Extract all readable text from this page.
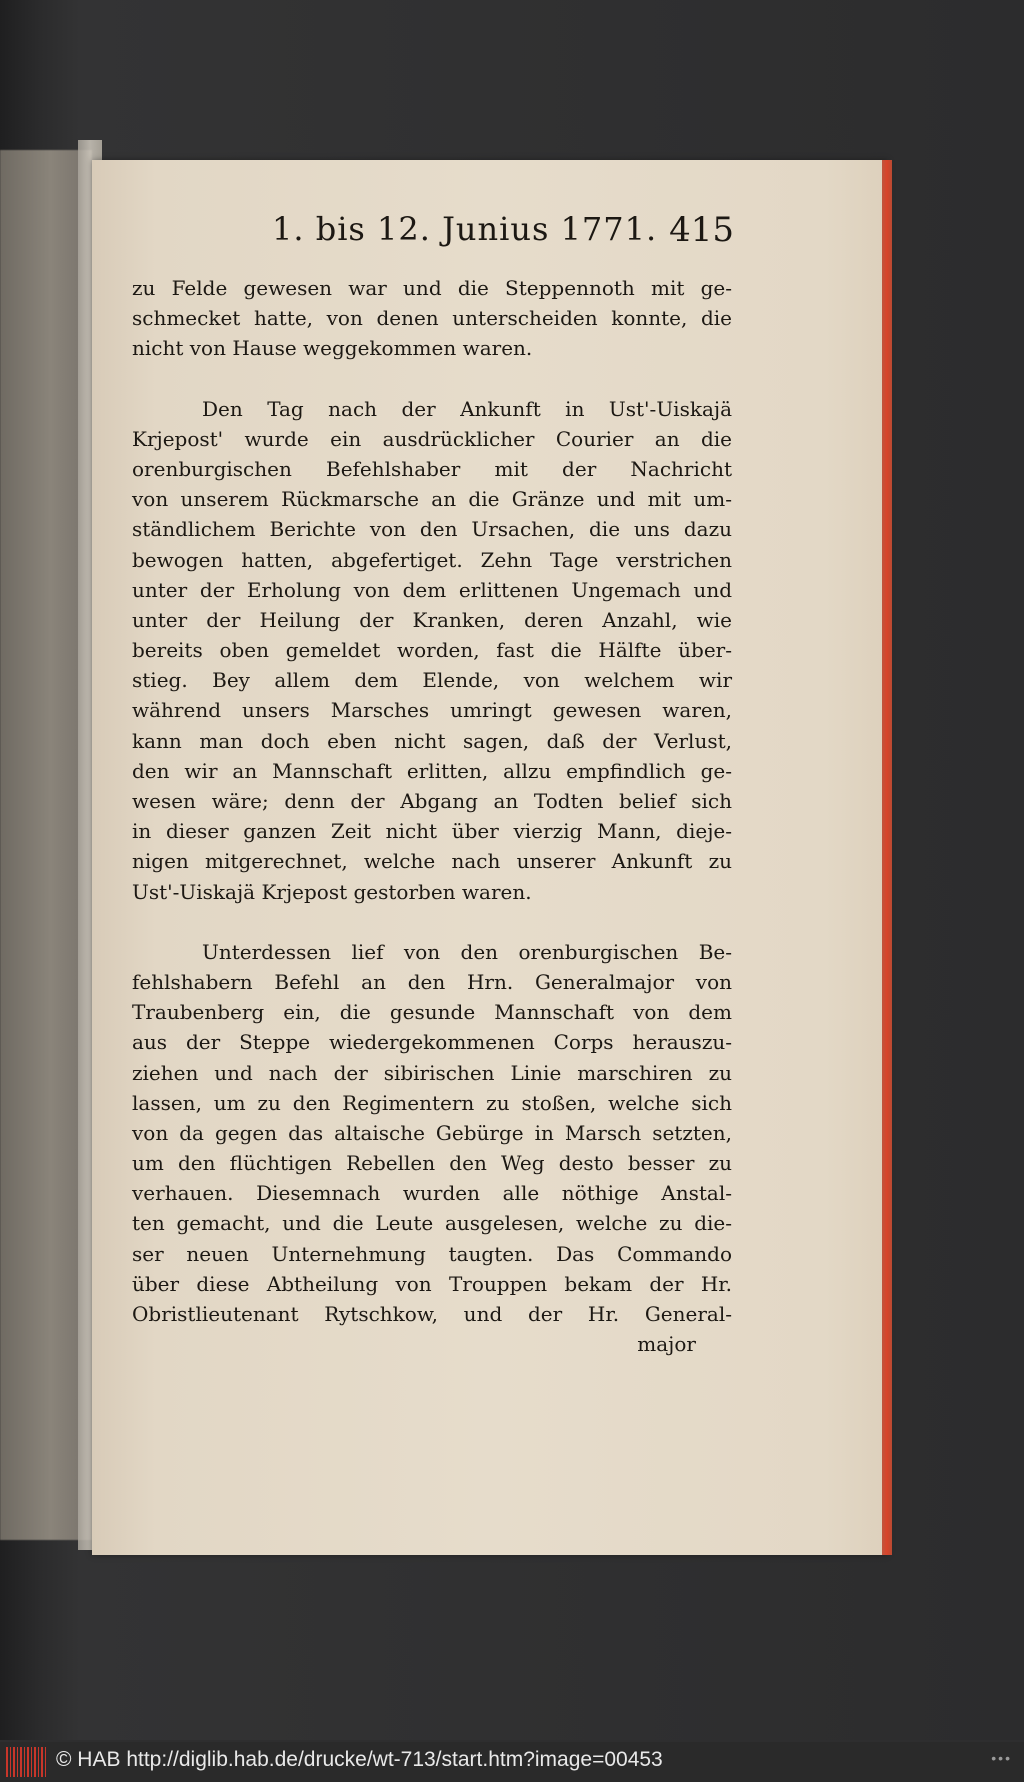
1. bis 12. Junius 1771. 415
zu Felde gewesen war und die Steppennoth mit ge-
schmecket hatte, von denen unterscheiden konnte, die
nicht von Hause weggekommen waren.
Den Tag nach der Ankunft in Ust'-Uiskajä
Krjepost' wurde ein ausdrücklicher Courier an die
orenburgischen Befehlshaber mit der Nachricht
von unserem Rückmarsche an die Gränze und mit um-
ständlichem Berichte von den Ursachen, die uns dazu
bewogen hatten, abgefertiget. Zehn Tage verstrichen
unter der Erholung von dem erlittenen Ungemach und
unter der Heilung der Kranken, deren Anzahl, wie
bereits oben gemeldet worden, fast die Hälfte über-
stieg. Bey allem dem Elende, von welchem wir
während unsers Marsches umringt gewesen waren,
kann man doch eben nicht sagen, daß der Verlust,
den wir an Mannschaft erlitten, allzu empfindlich ge-
wesen wäre; denn der Abgang an Todten belief sich
in dieser ganzen Zeit nicht über vierzig Mann, dieje-
nigen mitgerechnet, welche nach unserer Ankunft zu
Ust'-Uiskajä Krjepost gestorben waren.
Unterdessen lief von den orenburgischen Be-
fehlshabern Befehl an den Hrn. Generalmajor von
Traubenberg ein, die gesunde Mannschaft von dem
aus der Steppe wiedergekommenen Corps herauszu-
ziehen und nach der sibirischen Linie marschiren zu
lassen, um zu den Regimentern zu stoßen, welche sich
von da gegen das altaische Gebürge in Marsch setzten,
um den flüchtigen Rebellen den Weg desto besser zu
verhauen. Diesemnach wurden alle nöthige Anstal-
ten gemacht, und die Leute ausgelesen, welche zu die-
ser neuen Unternehmung taugten. Das Commando
über diese Abtheilung von Trouppen bekam der Hr.
Obristlieutenant Rytschkow, und der Hr. General-
major
© HAB http://diglib.hab.de/drucke/wt-713/start.htm?image=00453	•••
